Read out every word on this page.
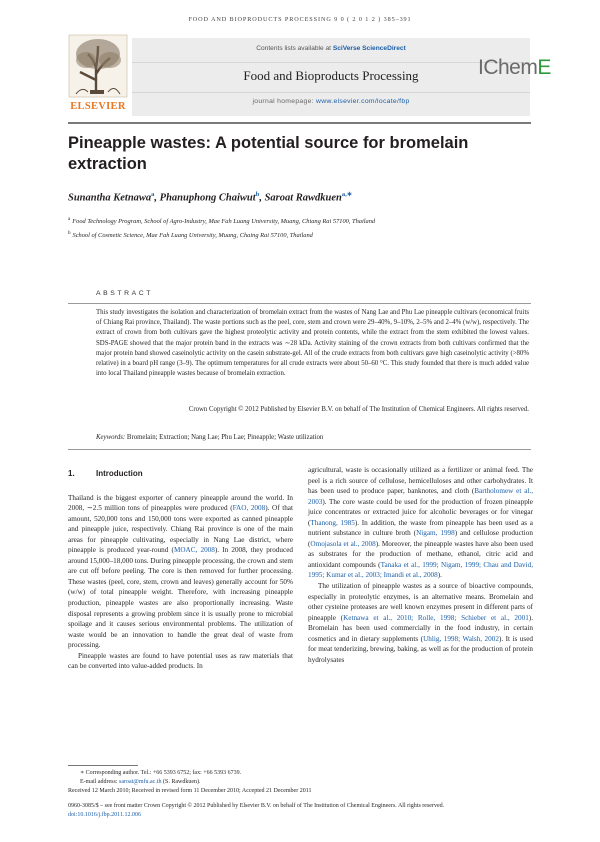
FOOD AND BIOPRODUCTS PROCESSING 9 0 ( 2 0 1 2 ) 385–391
ELSEVIER
Contents lists available at SciVerse ScienceDirect
Food and Bioproducts Processing
journal homepage: www.elsevier.com/locate/fbp
IChemE
Pineapple wastes: A potential source for bromelain extraction
Sunantha Ketnawa$^a$, Phanuphong Chaiwut$^b$, Saroat Rawdkuen$^{a,∗}$
$^a$ Food Technology Program, School of Agro-Industry, Mae Fah Luang University, Muang, Chiang Rai 57100, Thailand
$^b$ School of Cosmetic Science, Mae Fah Luang University, Muang, Chaing Rai 57100, Thailand
ABSTRACT
This study investigates the isolation and characterization of bromelain extract from the wastes of Nang Lae and Phu Lae pineapple cultivars (economical fruits of Chiang Rai province, Thailand). The waste portions such as the peel, core, stem and crown were 29–40%, 9–10%, 2–5% and 2–4% (w/w), respectively. The extract of crown from both cultivars gave the highest proteolytic activity and protein contents, while the extract from the stem exhibited the lowest values. SDS-PAGE showed that the major protein band in the extracts was ∼28 kDa. Activity staining of the crown extracts from both cultivars confirmed that the major protein band showed caseinolytic activity on the casein substrate-gel. All of the crude extracts from both cultivars gave high caseinolytic activity (>80% relative) in a board pH range (3–9). The optimum temperatures for all crude extracts were about 50–60 °C. This study founded that there is much added value into local Thailand pineapple wastes because of bromelain extraction.
Crown Copyright © 2012 Published by Elsevier B.V. on behalf of The Institution of Chemical Engineers. All rights reserved.
Keywords: Bromelain; Extraction; Nang Lae; Phu Lae; Pineapple; Waste utilization
1.	Introduction

Thailand is the biggest exporter of cannery pineapple around the world. In 2008, ∼2.5 million tons of pineapples were produced (FAO, 2008). Of that amount, 520,000 tons and 150,000 tons were exported as canned pineapple and pineapple juice, respectively. Chiang Rai province is one of the main areas for pineapple cultivating, especially in Nang Lae district, where pineapple is produced year-round (MOAC, 2008). In 2008, they produced around 15,000–18,000 tons. During pineapple processing, the crown and stem are cut off before peeling. The core is then removed for further processing. These wastes (peel, core, stem, crown and leaves) generally account for 50% (w/w) of total pineapple weight. Therefore, with increasing pineapple production, pineapple wastes are also proportionally increasing. Waste disposal represents a growing problem since it is usually prone to microbial spoilage and it causes serious environmental problems. The utilization of waste would be an innovation to handle the great deal of waste from processing.

Pineapple wastes are found to have potential uses as raw materials that can be converted into value-added products. In

agricultural, waste is occasionally utilized as a fertilizer or animal feed. The peel is a rich source of cellulose, hemicelluloses and other carbohydrates. It has been used to produce paper, banknotes, and cloth (Bartholomew et al., 2003). The core waste could be used for the production of frozen pineapple juice concentrates or extracted juice for alcoholic beverages or for vinegar (Thanong, 1985). In addition, the waste from pineapple has been used as a nutrient substance in culture broth (Nigam, 1998) and cellulose production (Omojasola et al., 2008). Moreover, the pineapple wastes have also been used as substrates for the production of methane, ethanol, citric acid and antioxidant compounds (Tanaka et al., 1999; Nigam, 1999; Chau and David, 1995; Kumar et al., 2003; Imandi et al., 2008).

The utilization of pineapple wastes as a source of bioactive compounds, especially in proteolytic enzymes, is an alternative means. Bromelain and other cysteine proteases are well known enzymes present in different parts of pineapple (Ketnawa et al., 2010; Rolle, 1998; Schieber et al., 2001). Bromelain has been used commercially in the food industry, in certain cosmetics and in dietary supplements (Uhlig, 1998; Walsh, 2002). It is used for meat tenderizing, brewing, baking, as well as for the production of protein hydrolysates

∗ Corresponding author. Tel.: +66 5393 6752; fax: +66 5393 6739.
E-mail address: saroat@mfu.ac.th (S. Rawdkuen).
Received 12 March 2010; Received in revised form 11 December 2010; Accepted 21 December 2011
0960-3085/$ – see front matter Crown Copyright © 2012 Published by Elsevier B.V. on behalf of The Institution of Chemical Engineers. All rights reserved.
doi:10.1016/j.fbp.2011.12.006
